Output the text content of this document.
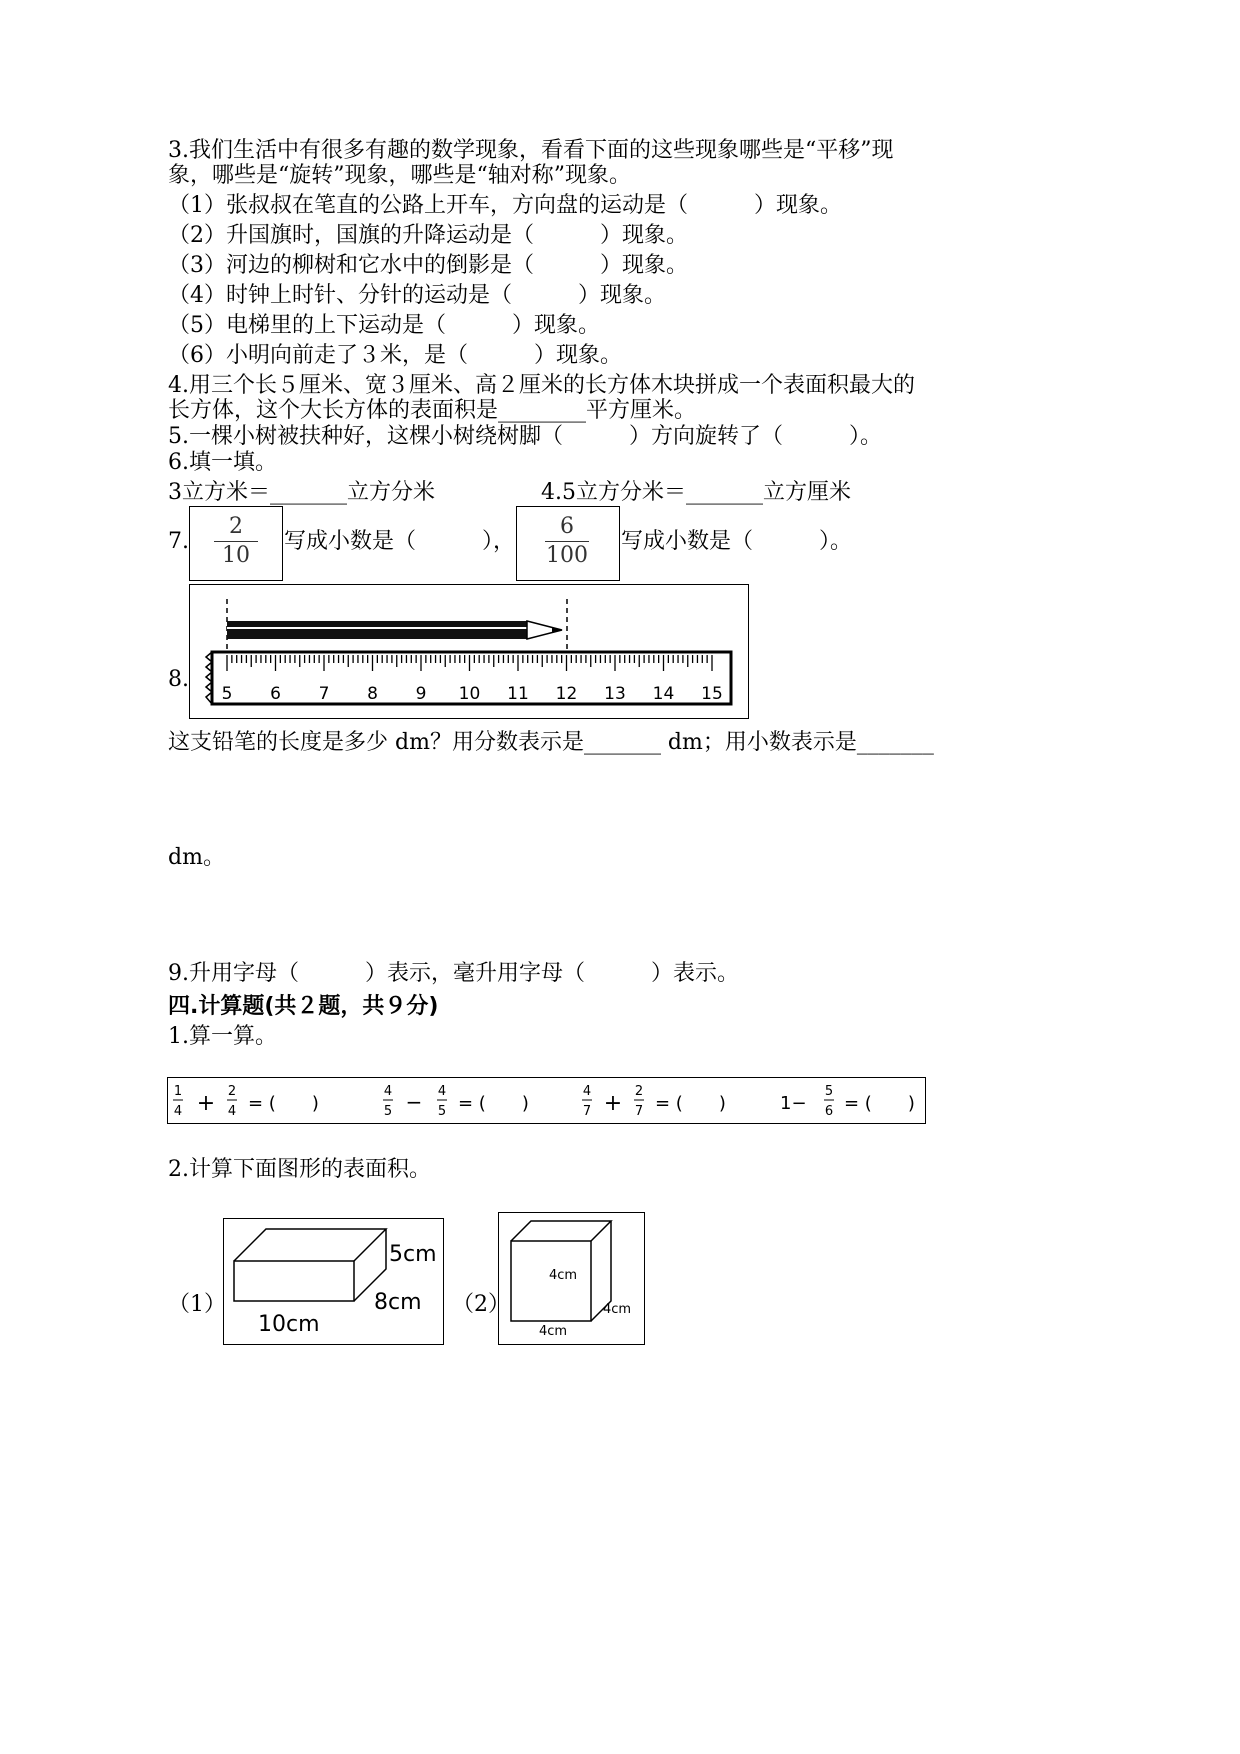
3.我们生活中有很多有趣的数学现象，看看下面的这些现象哪些是“平移”现
象，哪些是“旋转”现象，哪些是“轴对称”现象。
（1）张叔叔在笔直的公路上开车，方向盘的运动是（　　　）现象。
（2）升国旗时，国旗的升降运动是（　　　）现象。
（3）河边的柳树和它水中的倒影是（　　　）现象。
（4）时钟上时针、分针的运动是（　　　）现象。
（5）电梯里的上下运动是（　　　）现象。
（6）小明向前走了３米，是（　　　）现象。
4.用三个长５厘米、宽３厘米、高２厘米的长方体木块拼成一个表面积最大的
长方体，这个大长方体的表面积是________平方厘米。
5.一棵小树被扶种好，这棵小树绕树脚（　　　）方向旋转了（　　　）。
6.填一填。
3立方米＝_______立方分米	4.5立方分米＝_______立方厘米
7.
2
10
写成小数是（　　　），
6
100
写成小数是（　　　）。
8.
5 6 7 8 9 10 11 12 13 14 15
这支铅笔的长度是多少 dm？用分数表示是_______ dm；用小数表示是_______
dm。
9.升用字母（　　　）表示，毫升用字母（　　　）表示。
四.计算题(共２题，共９分)
1.算一算。
1
4 + 2
4 = (　　)
4
5 − 4
5 = (　　)
4
7 + 2
7 = (　　)	1−
5
6 = (　　)
2.计算下面图形的表面积。
（1）
5cm
8cm
10cm
（2）
4cm
4cm
4cm
